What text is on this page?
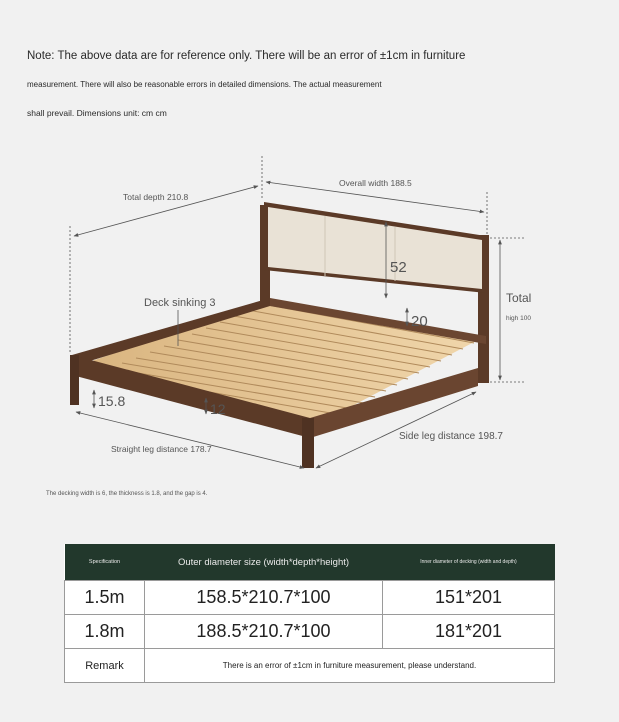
Note: The above data are for reference only. There will be an error of ±1cm in furniture
measurement. There will also be reasonable errors in detailed dimensions. The actual measurement
shall prevail. Dimensions unit: cm cm
Total depth 210.8
Overall width 188.5
52
Deck sinking 3
20
Total
high 100
15.8	12
Straight leg distance 178.7
Side leg distance 198.7
The decking width is 6, the thickness is 1.8, and the gap is 4.
Specification	Outer diameter size (width*depth*height)	Inner diameter of decking (width and depth)
1.5m	158.5*210.7*100	151*201
1.8m	188.5*210.7*100	181*201
Remark	There is an error of ±1cm in furniture measurement, please understand.	
